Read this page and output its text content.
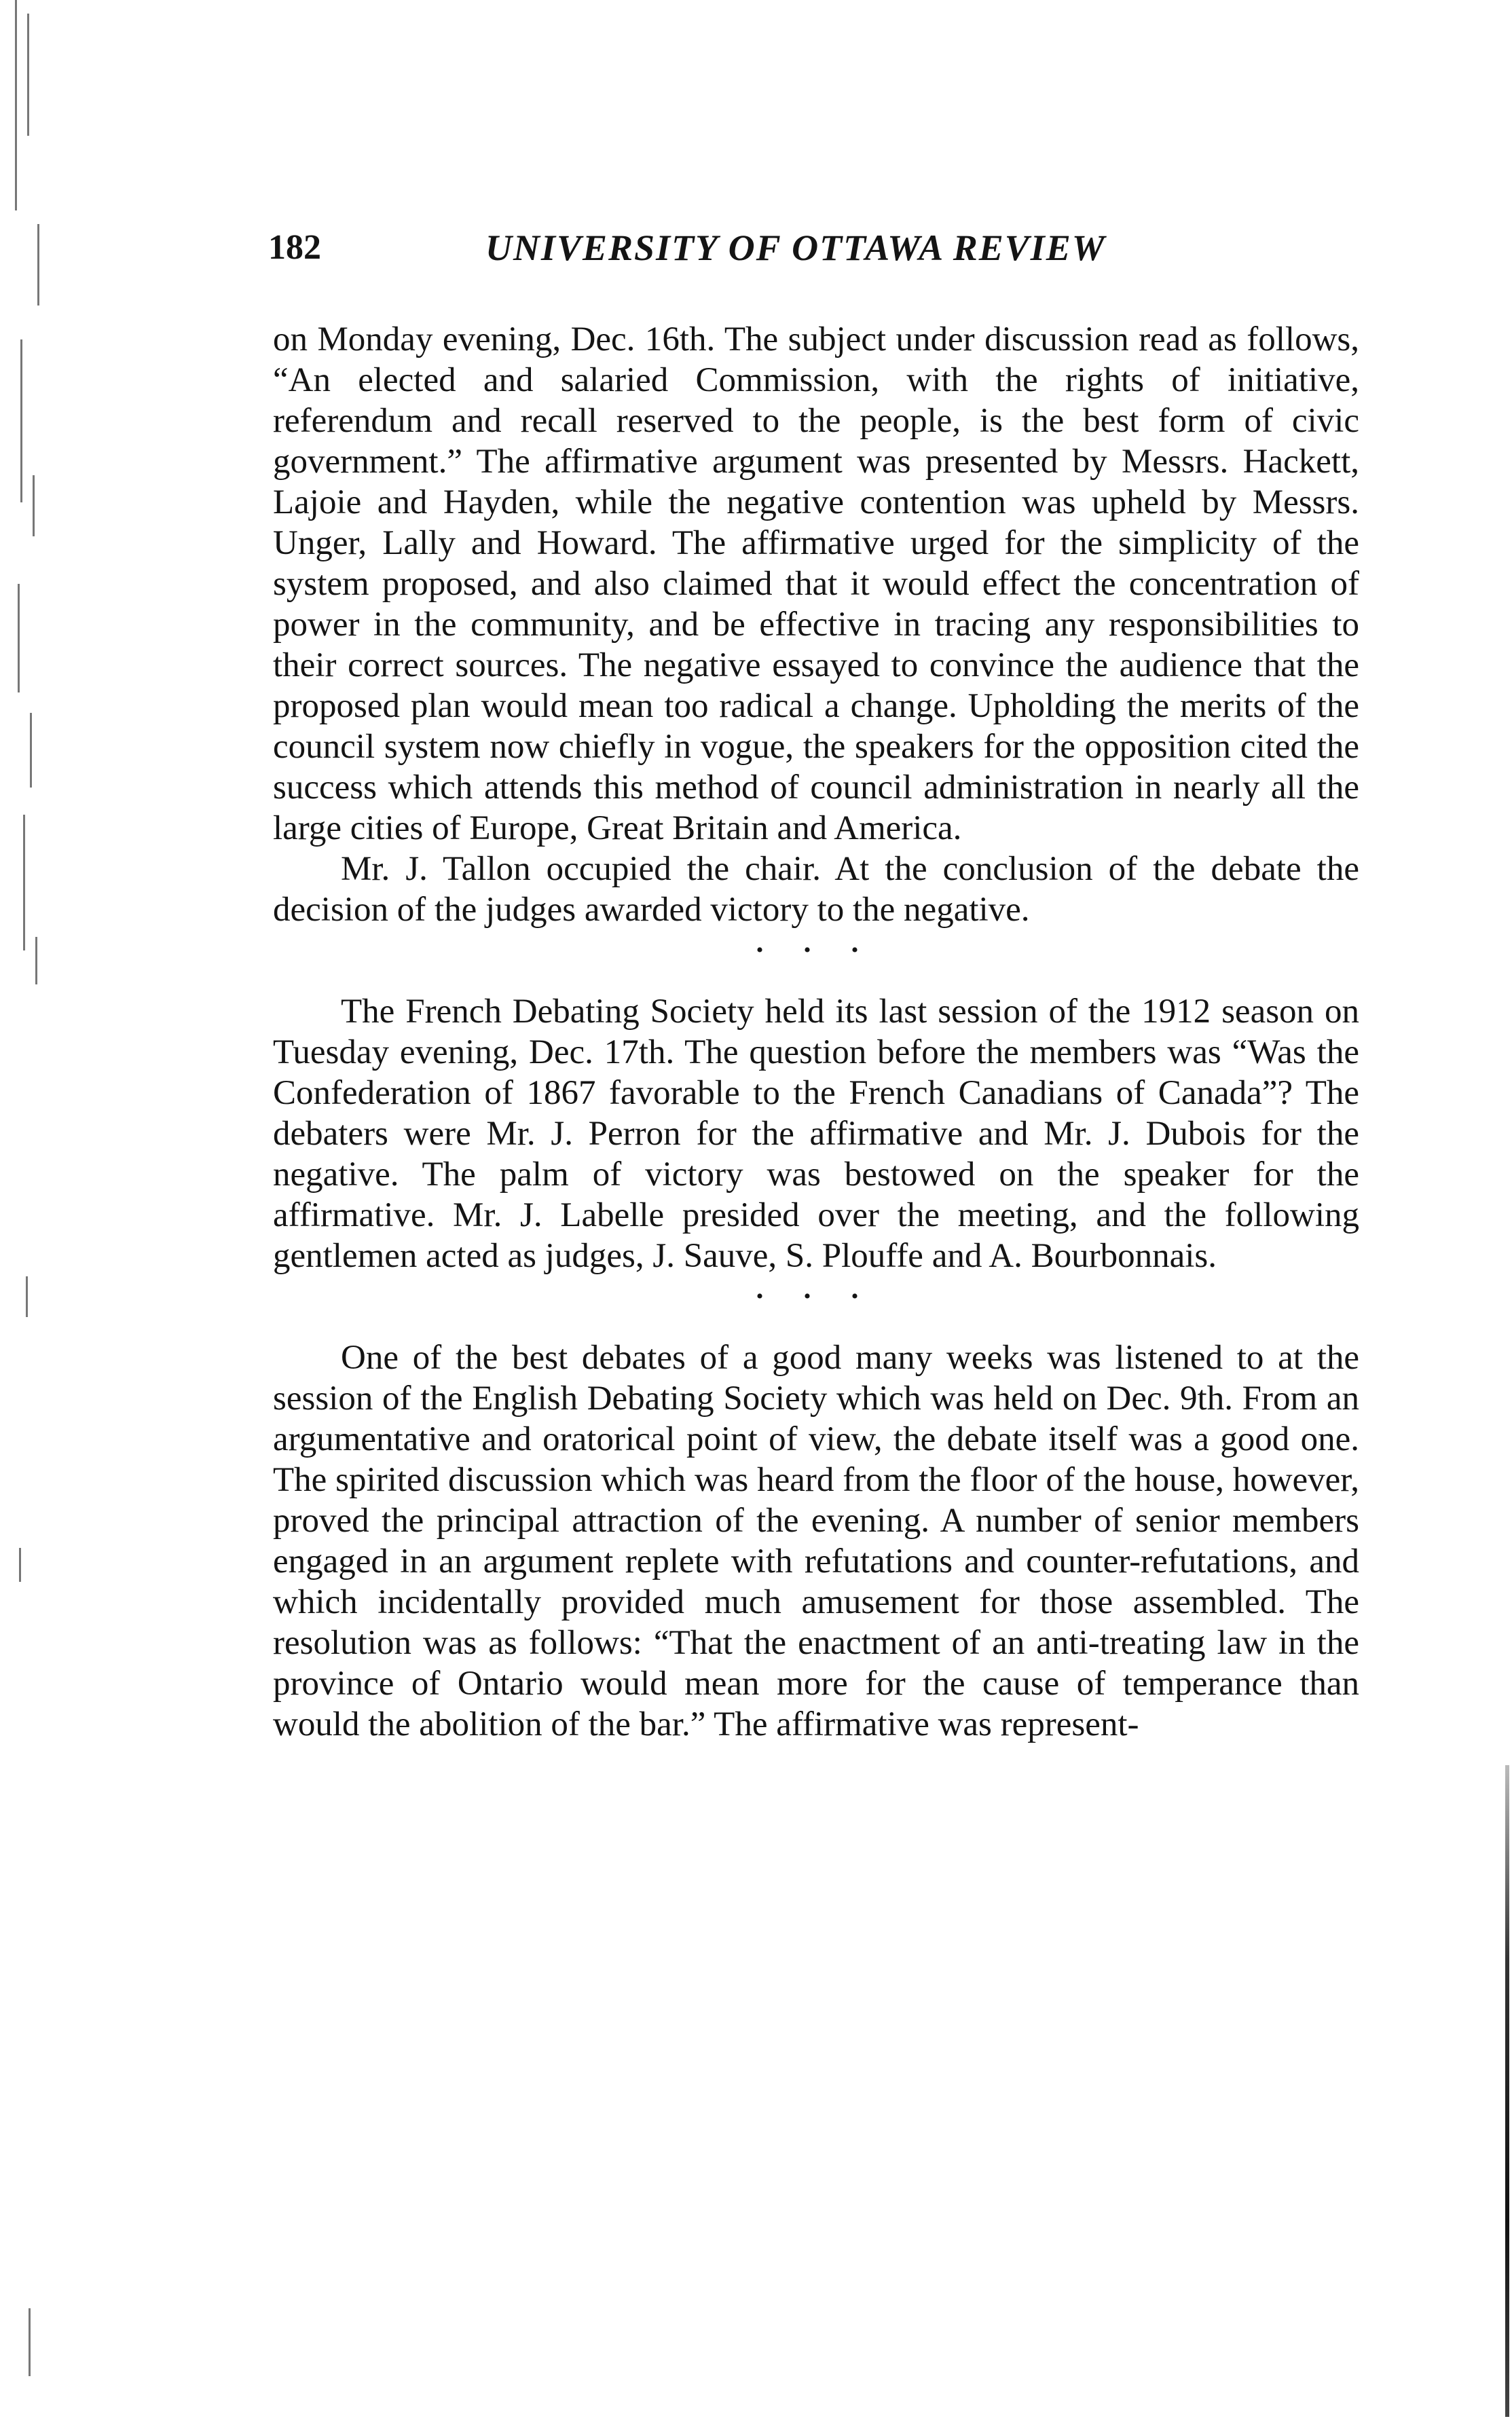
182	UNIVERSITY OF OTTAWA REVIEW

on Monday evening, Dec. 16th. The subject under discussion read as follows, “An elected and salaried Commission, with the rights of initiative, referendum and recall reserved to the people, is the best form of civic government.” The affirmative argument was presented by Messrs. Hackett, Lajoie and Hayden, while the negative contention was upheld by Messrs. Unger, Lally and Howard. The affirmative urged for the simplicity of the system proposed, and also claimed that it would effect the concentration of power in the community, and be effective in tracing any responsibilities to their correct sources. The negative essayed to convince the audience that the proposed plan would mean too radical a change. Upholding the merits of the council system now chiefly in vogue, the speakers for the opposition cited the success which attends this method of council administration in nearly all the large cities of Europe, Great Britain and America.

Mr. J. Tallon occupied the chair. At the conclusion of the debate the decision of the judges awarded victory to the negative.

• • •

The French Debating Society held its last session of the 1912 season on Tuesday evening, Dec. 17th. The question before the members was “Was the Confederation of 1867 favorable to the French Canadians of Canada”? The debaters were Mr. J. Perron for the affirmative and Mr. J. Dubois for the negative. The palm of victory was bestowed on the speaker for the affirmative. Mr. J. Labelle presided over the meeting, and the following gentlemen acted as judges, J. Sauve, S. Plouffe and A. Bourbonnais.

• • •

One of the best debates of a good many weeks was listened to at the session of the English Debating Society which was held on Dec. 9th. From an argumentative and oratorical point of view, the debate itself was a good one. The spirited discussion which was heard from the floor of the house, however, proved the principal attraction of the evening. A number of senior members engaged in an argument replete with refutations and counter-refutations, and which incidentally provided much amusement for those assembled. The resolution was as follows: “That the enactment of an anti-treating law in the province of Ontario would mean more for the cause of temperance than would the abolition of the bar.” The affirmative was represent-
